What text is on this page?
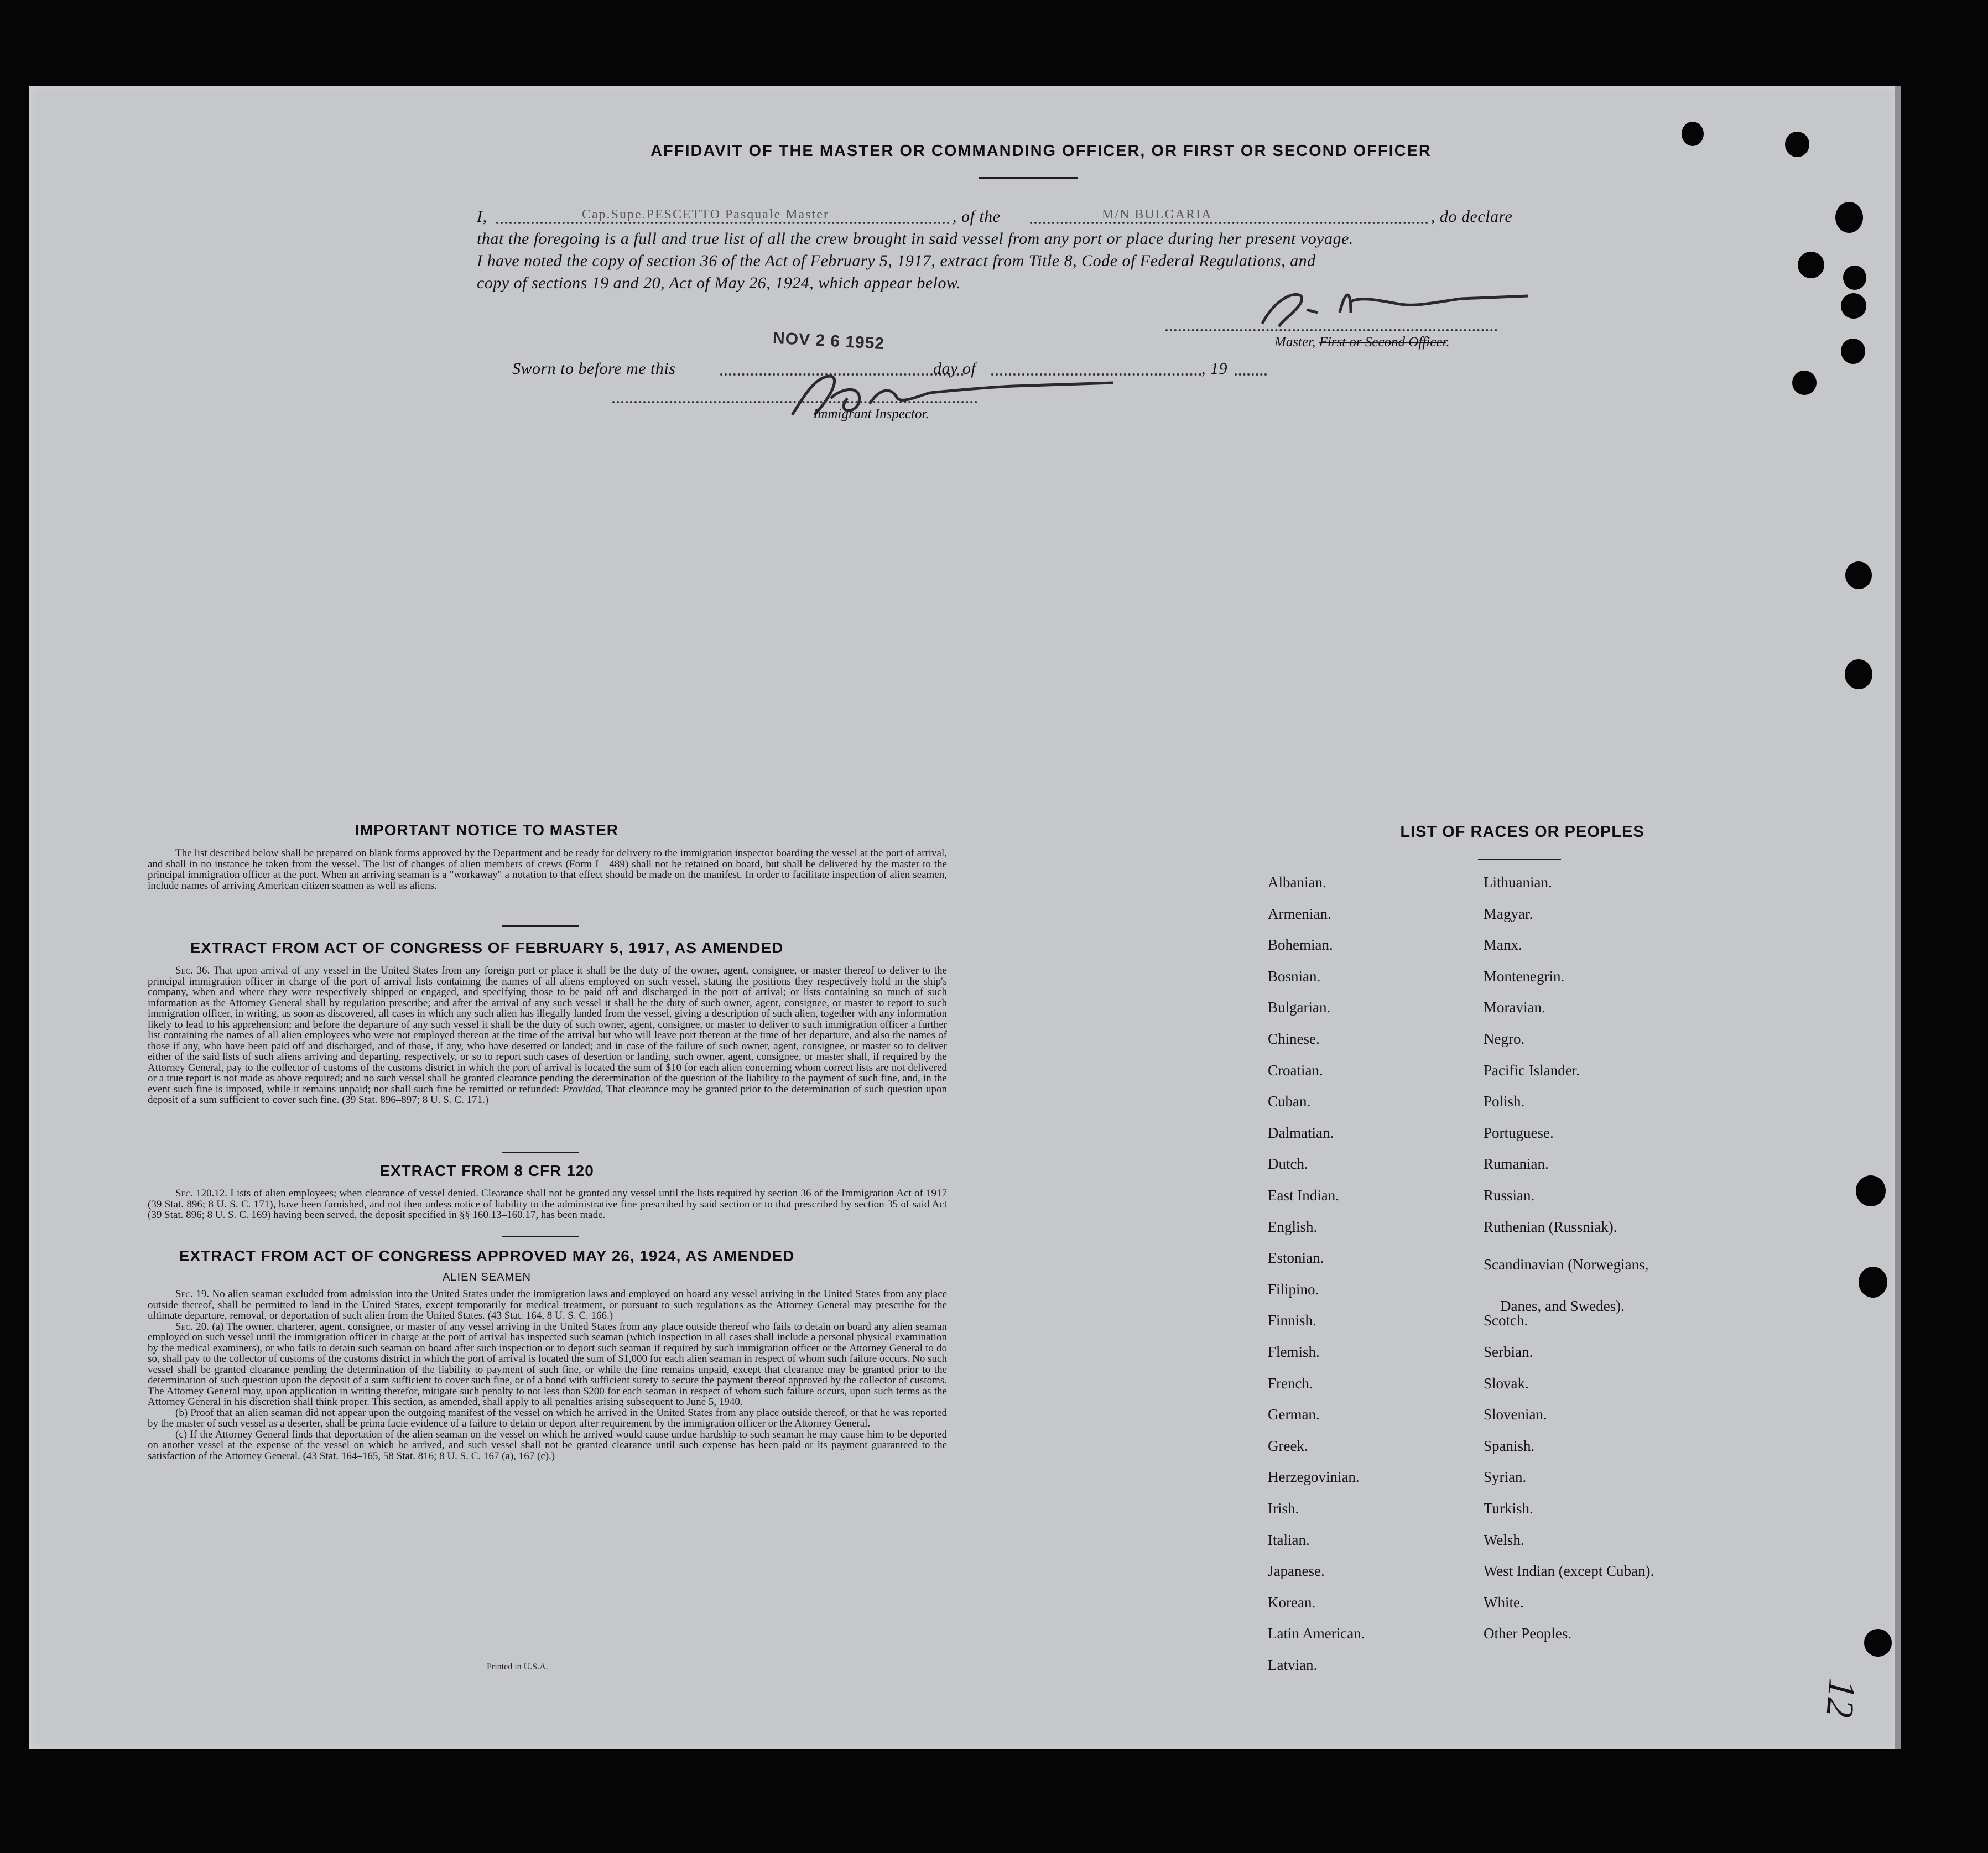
AFFIDAVIT OF THE MASTER OR COMMANDING OFFICER, OR FIRST OR SECOND OFFICER
I,	Cap.Supe.PESCETTO Pasquale Master	, of the	M/N BULGARIA	, do declare
that the foregoing is a full and true list of all the crew brought in said vessel from any port or place during her present voyage.
I have noted the copy of section 36 of the Act of February 5, 1917, extract from Title 8, Code of Federal Regulations, and
copy of sections 19 and 20, Act of May 26, 1924, which appear below.
Master, First or Second Officer.
NOV 2 6 1952
Sworn to before me this	day of	, 19
Immigrant Inspector.
IMPORTANT NOTICE TO MASTER
The list described below shall be prepared on blank forms approved by the Department and be ready for delivery to the immigration inspector boarding the vessel at the port of arrival, and shall in no instance be taken from the vessel. The list of changes of alien members of crews (Form I—489) shall not be retained on board, but shall be delivered by the master to the principal immigration officer at the port. When an arriving seaman is a "workaway" a notation to that effect should be made on the manifest. In order to facilitate inspection of alien seamen, include names of arriving American citizen seamen as well as aliens.
EXTRACT FROM ACT OF CONGRESS OF FEBRUARY 5, 1917, AS AMENDED
Sec. 36. That upon arrival of any vessel in the United States from any foreign port or place it shall be the duty of the owner, agent, consignee, or master thereof to deliver to the principal immigration officer in charge of the port of arrival lists containing the names of all aliens employed on such vessel, stating the positions they respectively hold in the ship's company, when and where they were respectively shipped or engaged, and specifying those to be paid off and discharged in the port of arrival; or lists containing so much of such information as the Attorney General shall by regulation prescribe; and after the arrival of any such vessel it shall be the duty of such owner, agent, consignee, or master to report to such immigration officer, in writing, as soon as discovered, all cases in which any such alien has illegally landed from the vessel, giving a description of such alien, together with any information likely to lead to his apprehension; and before the departure of any such vessel it shall be the duty of such owner, agent, consignee, or master to deliver to such immigration officer a further list containing the names of all alien employees who were not employed thereon at the time of the arrival but who will leave port thereon at the time of her departure, and also the names of those if any, who have been paid off and discharged, and of those, if any, who have deserted or landed; and in case of the failure of such owner, agent, consignee, or master so to deliver either of the said lists of such aliens arriving and departing, respectively, or so to report such cases of desertion or landing, such owner, agent, consignee, or master shall, if required by the Attorney General, pay to the collector of customs of the customs district in which the port of arrival is located the sum of $10 for each alien concerning whom correct lists are not delivered or a true report is not made as above required; and no such vessel shall be granted clearance pending the determination of the question of the liability to the payment of such fine, and, in the event such fine is imposed, while it remains unpaid; nor shall such fine be remitted or refunded: Provided, That clearance may be granted prior to the determination of such question upon deposit of a sum sufficient to cover such fine. (39 Stat. 896–897; 8 U. S. C. 171.)
EXTRACT FROM 8 CFR 120
Sec. 120.12. Lists of alien employees; when clearance of vessel denied. Clearance shall not be granted any vessel until the lists required by section 36 of the Immigration Act of 1917 (39 Stat. 896; 8 U. S. C. 171), have been furnished, and not then unless notice of liability to the administrative fine prescribed by said section or to that prescribed by section 35 of said Act (39 Stat. 896; 8 U. S. C. 169) having been served, the deposit specified in §§ 160.13–160.17, has been made.
EXTRACT FROM ACT OF CONGRESS APPROVED MAY 26, 1924, AS AMENDED
ALIEN SEAMEN
Sec. 19. No alien seaman excluded from admission into the United States under the immigration laws and employed on board any vessel arriving in the United States from any place outside thereof, shall be permitted to land in the United States, except temporarily for medical treatment, or pursuant to such regulations as the Attorney General may prescribe for the ultimate departure, removal, or deportation of such alien from the United States. (43 Stat. 164, 8 U. S. C. 166.)
Sec. 20. (a) The owner, charterer, agent, consignee, or master of any vessel arriving in the United States from any place outside thereof who fails to detain on board any alien seaman employed on such vessel until the immigration officer in charge at the port of arrival has inspected such seaman (which inspection in all cases shall include a personal physical examination by the medical examiners), or who fails to detain such seaman on board after such inspection or to deport such seaman if required by such immigration officer or the Attorney General to do so, shall pay to the collector of customs of the customs district in which the port of arrival is located the sum of $1,000 for each alien seaman in respect of whom such failure occurs. No such vessel shall be granted clearance pending the determination of the liability to payment of such fine, or while the fine remains unpaid, except that clearance may be granted prior to the determination of such question upon the deposit of a sum sufficient to cover such fine, or of a bond with sufficient surety to secure the payment thereof approved by the collector of customs. The Attorney General may, upon application in writing therefor, mitigate such penalty to not less than $200 for each seaman in respect of whom such failure occurs, upon such terms as the Attorney General in his discretion shall think proper. This section, as amended, shall apply to all penalties arising subsequent to June 5, 1940.
(b) Proof that an alien seaman did not appear upon the outgoing manifest of the vessel on which he arrived in the United States from any place outside thereof, or that he was reported by the master of such vessel as a deserter, shall be prima facie evidence of a failure to detain or deport after requirement by the immigration officer or the Attorney General.
(c) If the Attorney General finds that deportation of the alien seaman on the vessel on which he arrived would cause undue hardship to such seaman he may cause him to be deported on another vessel at the expense of the vessel on which he arrived, and such vessel shall not be granted clearance until such expense has been paid or its payment guaranteed to the satisfaction of the Attorney General. (43 Stat. 164–165, 58 Stat. 816; 8 U. S. C. 167 (a), 167 (c).)
Printed in U.S.A.
LIST OF RACES OR PEOPLES
12
Albanian.
Armenian.
Bohemian.
Bosnian.
Bulgarian.
Chinese.
Croatian.
Cuban.
Dalmatian.
Dutch.
East Indian.
English.
Estonian.
Filipino.
Finnish.
Flemish.
French.
German.
Greek.
Herzegovinian.
Irish.
Italian.
Japanese.
Korean.
Latin American.
Latvian.
Lithuanian.
Magyar.
Manx.
Montenegrin.
Moravian.
Negro.
Pacific Islander.
Polish.
Portuguese.
Rumanian.
Russian.
Ruthenian (Russniak).
Scandinavian (Norwegians,
Danes, and Swedes).
Scotch.
Serbian.
Slovak.
Slovenian.
Spanish.
Syrian.
Turkish.
Welsh.
West Indian (except Cuban).
White.
Other Peoples.
